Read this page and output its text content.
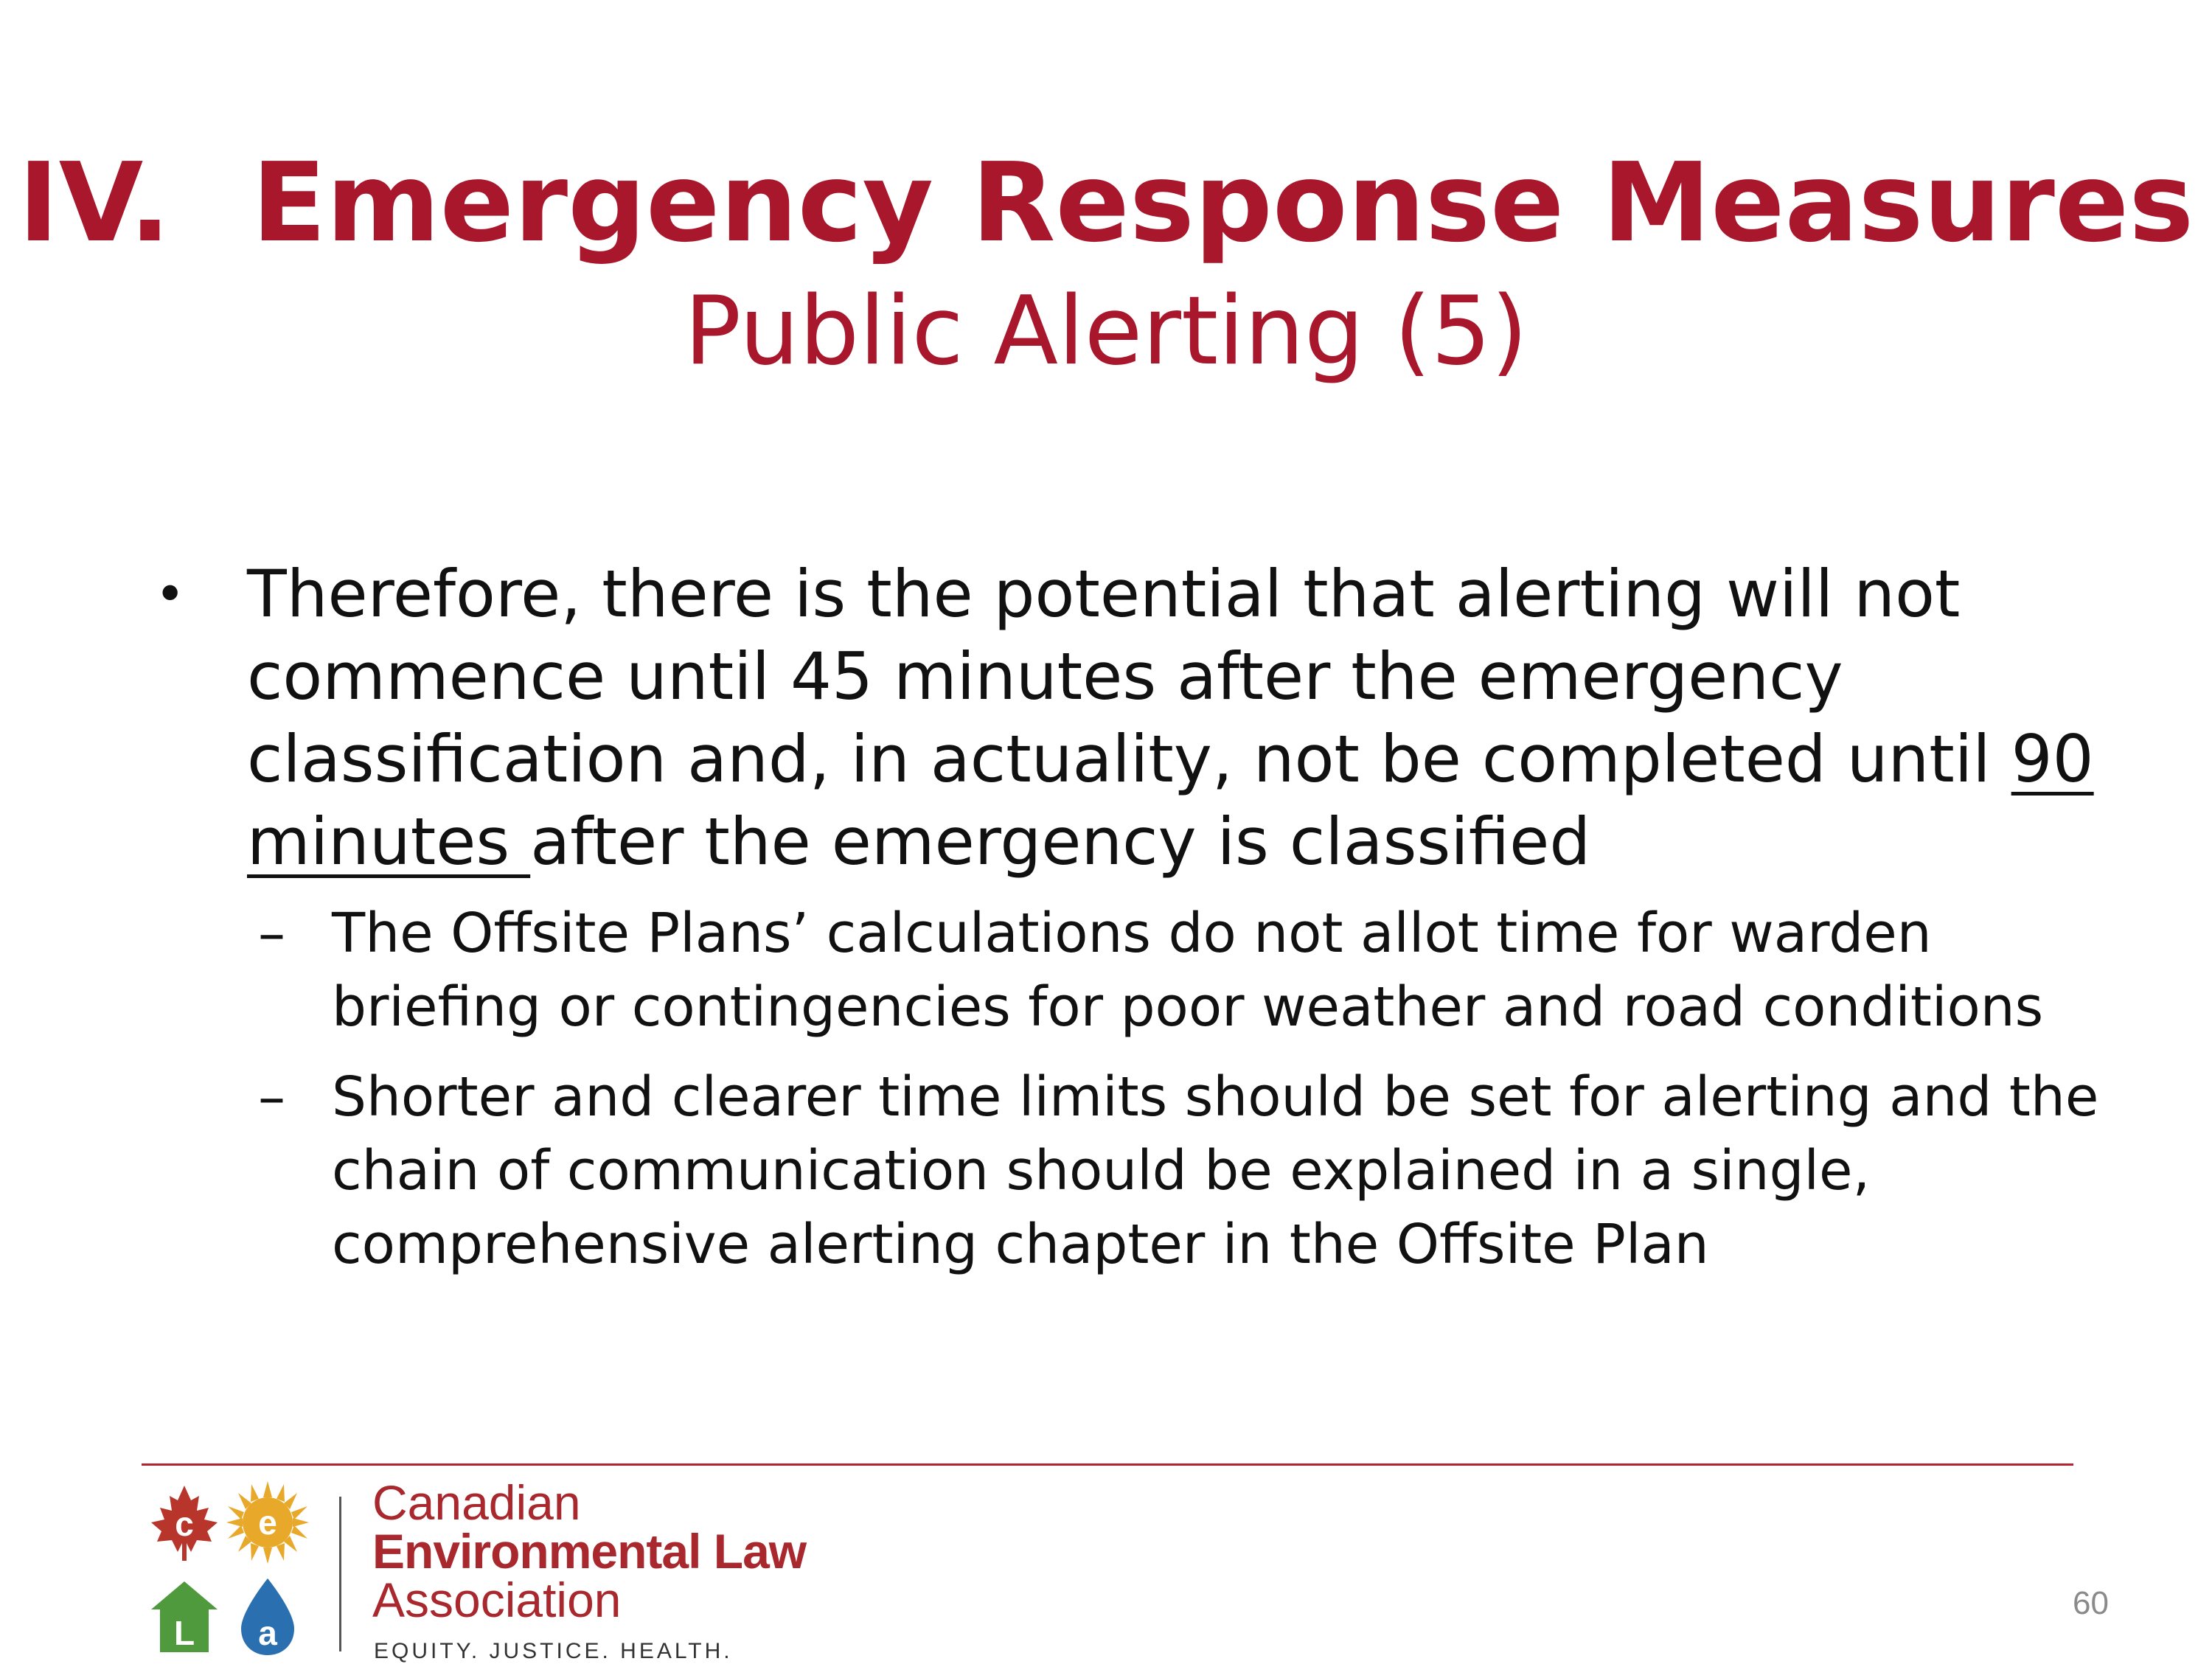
IV. Emergency Response Measures
Public Alerting (5)
• Therefore, there is the potential that alerting will not commence until 45 minutes after the emergency classification and, in actuality, not be completed until 90 minutes after the emergency is classified
– The Offsite Plans’ calculations do not allot time for warden briefing or contingencies for poor weather and road conditions
– Shorter and clearer time limits should be set for alerting and the chain of communication should be explained in a single, comprehensive alerting chapter in the Offsite Plan
c e
L a
Canadian
Environmental Law
Association
EQUITY. JUSTICE. HEALTH.
60
